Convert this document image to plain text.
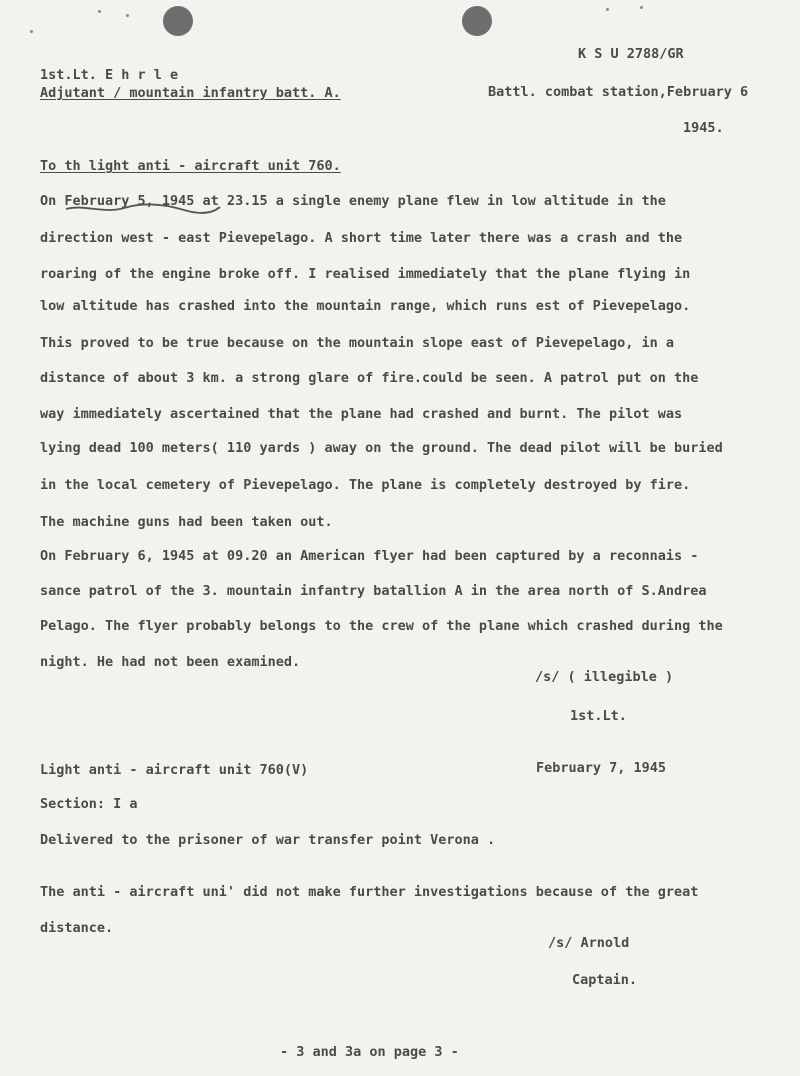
K S U 2788/GR

1st.Lt. E h r l e

Adjutant / mountain infantry batt. A.	Battl. combat station,February 6

1945.

To th light anti - aircraft unit 760.

On February 5, 1945 at 23.15 a single enemy plane flew in low altitude in the

direction west - east Pievepelago. A short time later there was a crash and the

roaring of the engine broke off. I realised immediately that the plane flying in

low altitude has crashed into the mountain range, which runs est of Pievepelago.

This proved to be true because on the mountain slope east of Pievepelago, in a

distance of about 3 km. a strong glare of fire.could be seen. A patrol put on the

way immediately ascertained that the plane had crashed and burnt. The pilot was

lying dead 100 meters( 110 yards ) away on the ground. The dead pilot will be buried

in the local cemetery of Pievepelago. The plane is completely destroyed by fire.

The machine guns had been taken out.

On February 6, 1945 at 09.20 an American flyer had been captured by a reconnais -

sance patrol of the 3. mountain infantry batallion A in the area north of S.Andrea

Pelago. The flyer probably belongs to the crew of the plane which crashed during the

night. He had not been examined.

/s/ ( illegible )

1st.Lt.

Light anti - aircraft unit 760(V)	February 7, 1945

Section: I a

Delivered to the prisoner of war transfer point Verona .

The anti - aircraft uni' did not make further investigations because of the great

distance.

/s/ Arnold

Captain.

- 3 and 3a on page 3 -
